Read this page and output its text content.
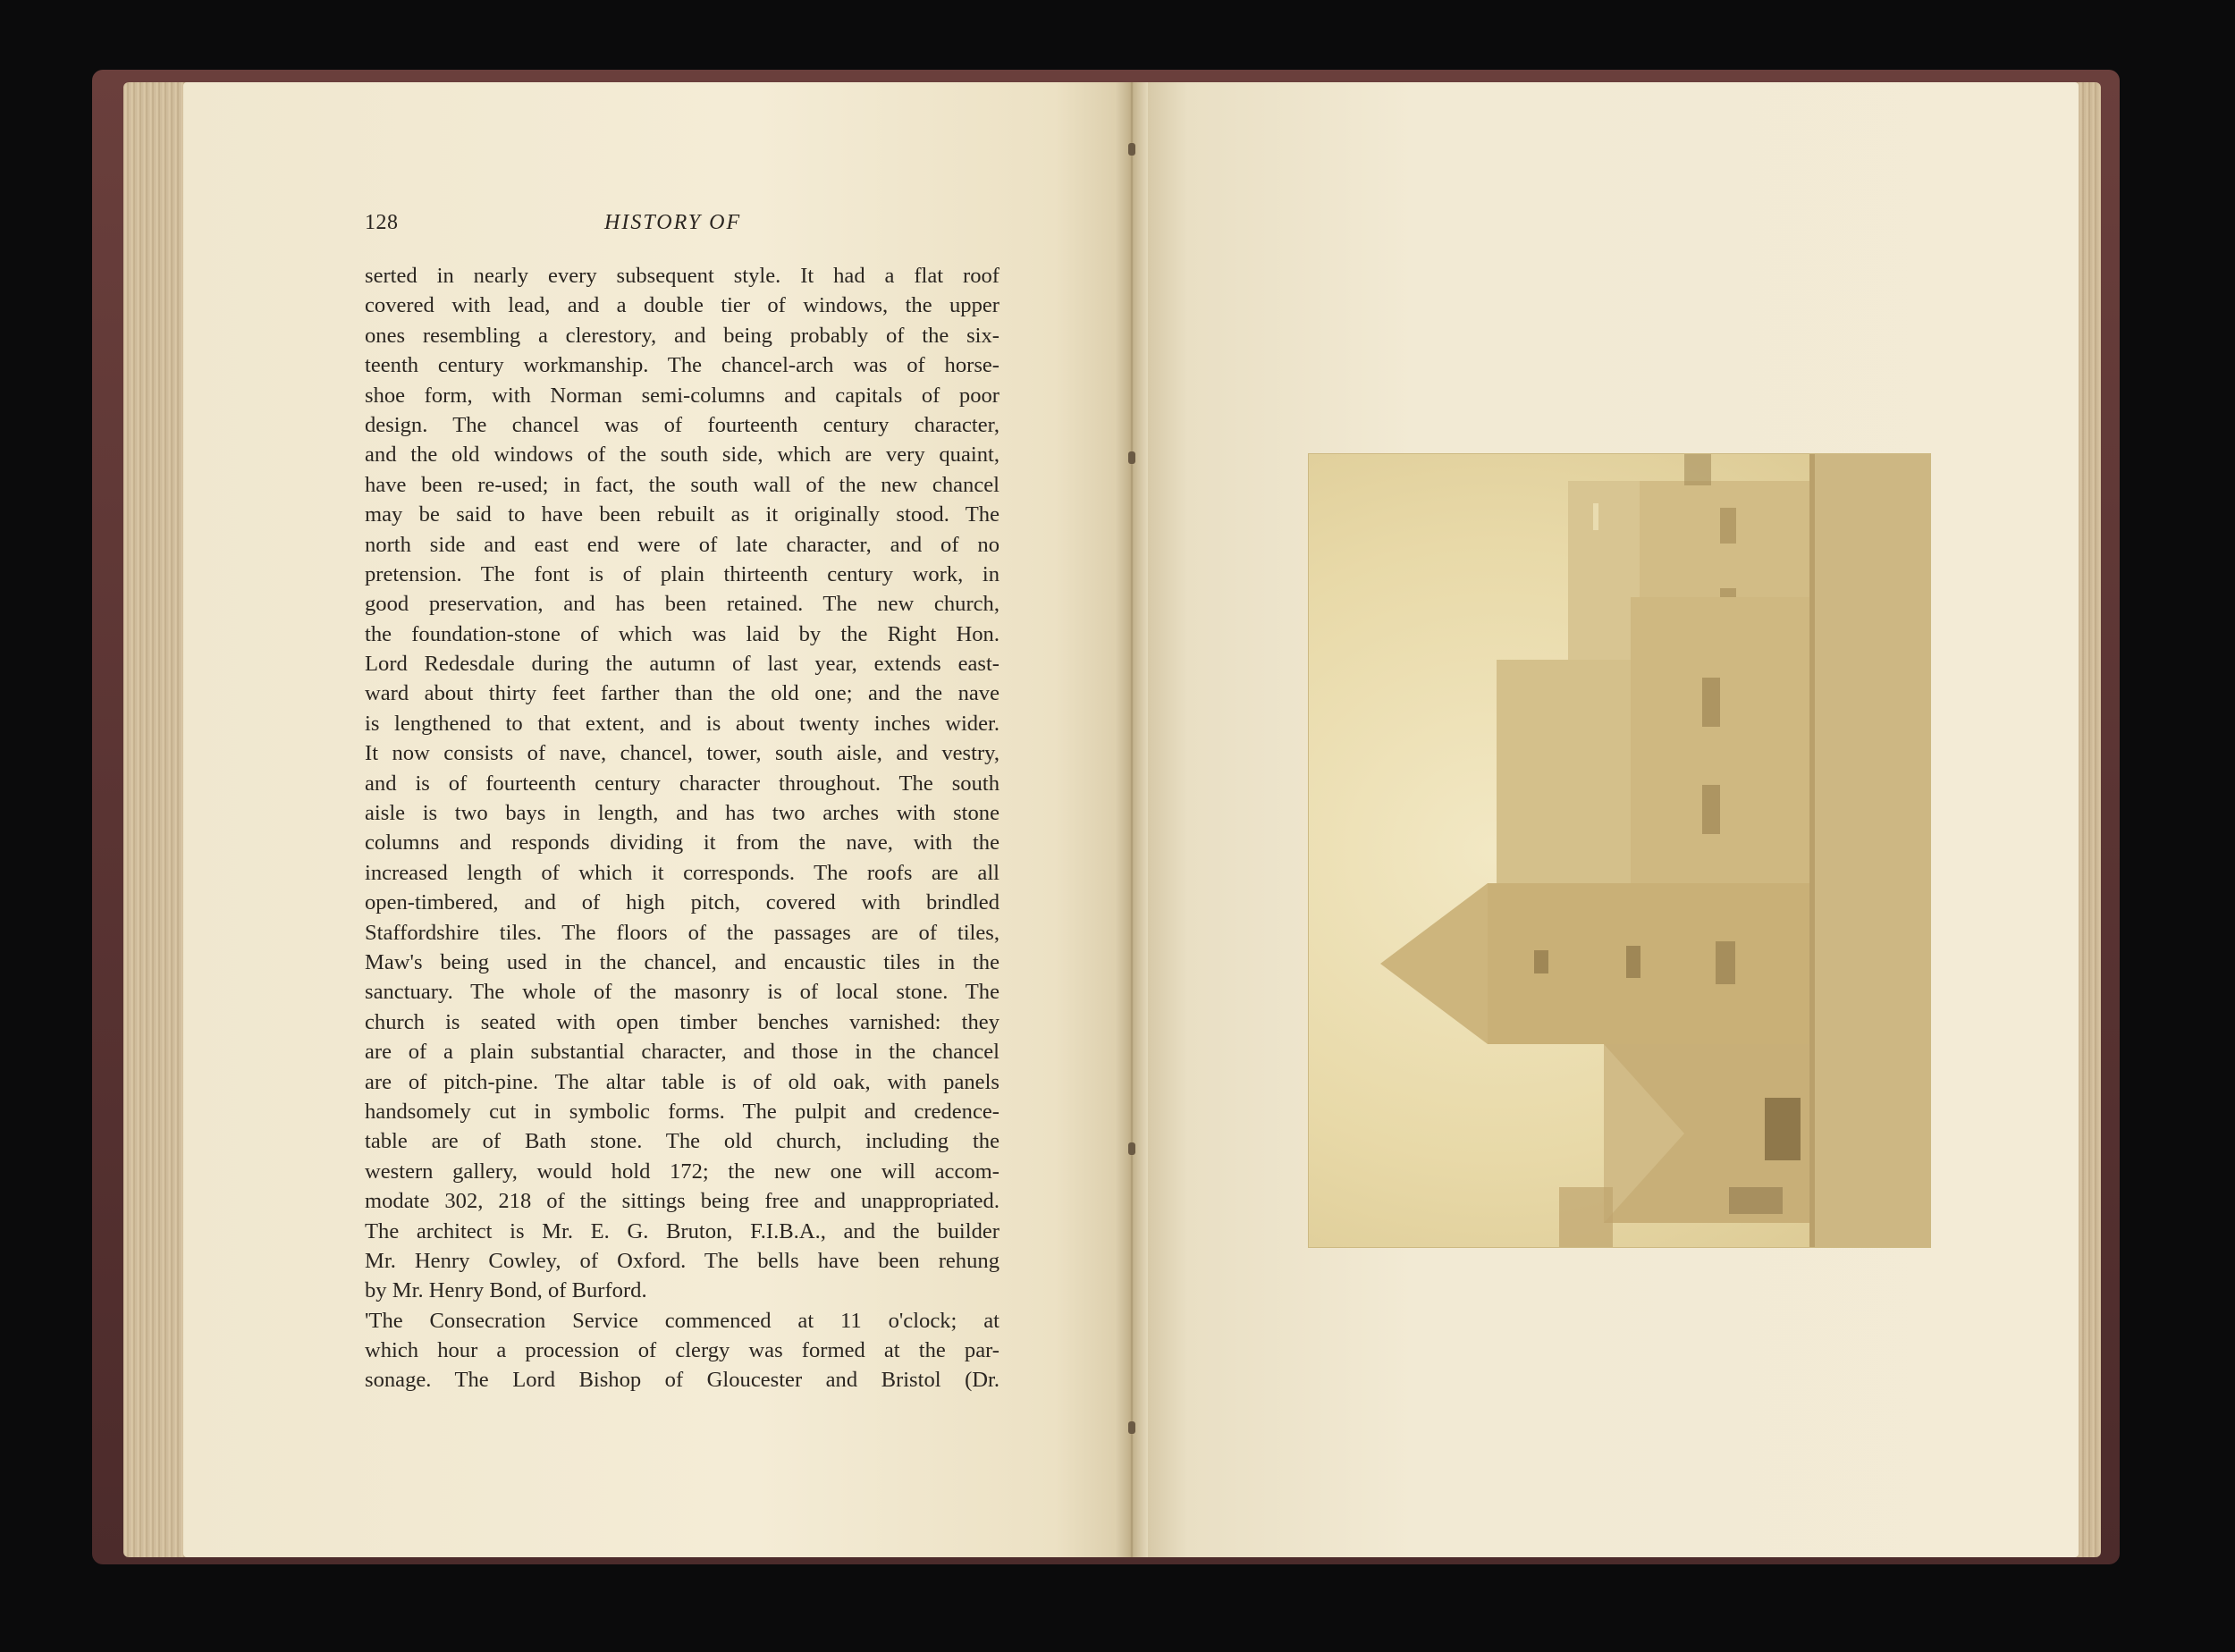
128	HISTORY OF
serted in nearly every subsequent style. It had a flat roof
covered with lead, and a double tier of windows, the upper
ones resembling a clerestory, and being probably of the six-
teenth century workmanship. The chancel-arch was of horse-
shoe form, with Norman semi-columns and capitals of poor
design. The chancel was of fourteenth century character,
and the old windows of the south side, which are very quaint,
have been re-used; in fact, the south wall of the new chancel
may be said to have been rebuilt as it originally stood. The
north side and east end were of late character, and of no
pretension. The font is of plain thirteenth century work, in
good preservation, and has been retained. The new church,
the foundation-stone of which was laid by the Right Hon.
Lord Redesdale during the autumn of last year, extends east-
ward about thirty feet farther than the old one; and the nave
is lengthened to that extent, and is about twenty inches wider.
It now consists of nave, chancel, tower, south aisle, and vestry,
and is of fourteenth century character throughout. The south
aisle is two bays in length, and has two arches with stone
columns and responds dividing it from the nave, with the
increased length of which it corresponds. The roofs are all
open-timbered, and of high pitch, covered with brindled
Staffordshire tiles. The floors of the passages are of tiles,
Maw's being used in the chancel, and encaustic tiles in the
sanctuary. The whole of the masonry is of local stone. The
church is seated with open timber benches varnished: they
are of a plain substantial character, and those in the chancel
are of pitch-pine. The altar table is of old oak, with panels
handsomely cut in symbolic forms. The pulpit and credence-
table are of Bath stone. The old church, including the
western gallery, would hold 172; the new one will accom-
modate 302, 218 of the sittings being free and unappropriated.
The architect is Mr. E. G. Bruton, F.I.B.A., and the builder
Mr. Henry Cowley, of Oxford. The bells have been rehung
by Mr. Henry Bond, of Burford.
'The Consecration Service commenced at 11 o'clock; at
which hour a procession of clergy was formed at the par-
sonage. The Lord Bishop of Gloucester and Bristol (Dr.
